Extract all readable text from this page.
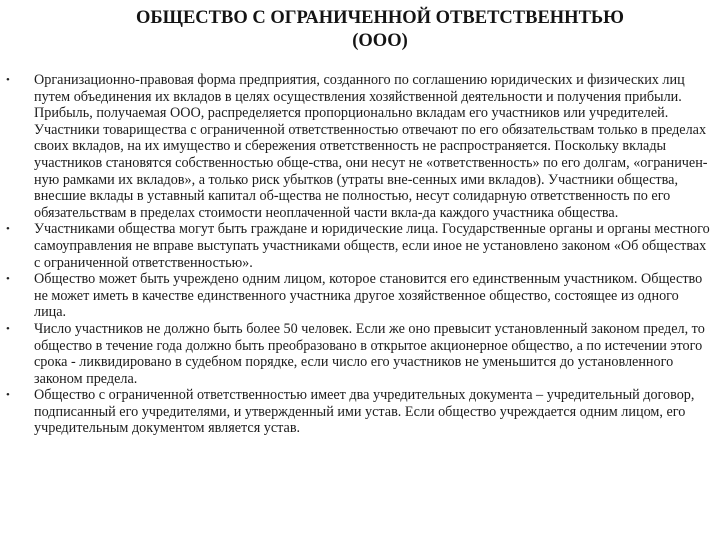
ОБЩЕСТВО С ОГРАНИЧЕННОЙ ОТВЕТСТВЕННТЬЮ
(ООО)
• Организационно-правовая форма предприятия, созданного по соглашению юридических и физических лиц путем объединения их вкладов в целях осуществления хозяйственной деятельности и получения прибыли. Прибыль, получаемая ООО, распределяется пропорционально вкладам его участников или учредителей. Участники товарищества с ограниченной ответственностью отвечают по его обязательствам только в пределах своих вкладов, на их имущество и сбережения ответственность не распространяется. Поскольку вклады участников становятся собственностью обще-ства, они несут не «ответственность» по его долгам, «ограничен-ную рамками их вкладов», а только риск убытков (утраты вне-сенных ими вкладов). Участники общества, внесшие вклады в уставный капитал об-щества не полностью, несут солидарную ответственность по его обязательствам в пределах стоимости неоплаченной части вкла-да каждого участника общества.
• Участниками общества могут быть граждане и юридические лица. Государственные органы и органы местного самоуправления не вправе выступать участниками обществ, если иное не установлено законом «Об обществах с ограниченной ответственностью».
• Общество может быть учреждено одним лицом, которое становится его единственным участником. Общество не может иметь в качестве единственного участника другое хозяйственное общество, состоящее из одного лица.
• Число участников не должно быть более 50 человек. Если же оно превысит установленный законом предел, то общество в течение года должно быть преобразовано в открытое акционерное общество, а по истечении этого срока - ликвидировано в судебном порядке, если число его участников не уменьшится до установленного законом предела.
• Общество с ограниченной ответственностью имеет два учредительных документа – учредительный договор, подписанный его учредителями, и утвержденный ими устав. Если общество учреждается одним лицом, его учредительным документом является устав.
